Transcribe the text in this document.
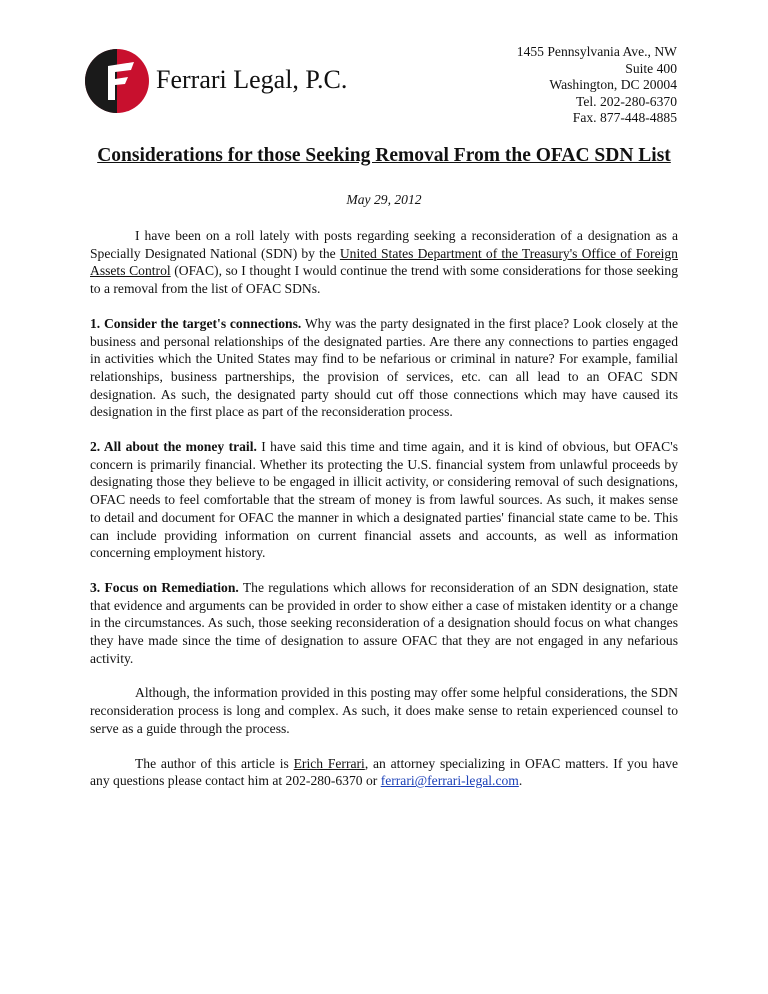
Ferrari Legal, P.C.
1455 Pennsylvania Ave., NW
Suite 400
Washington, DC 20004
Tel. 202-280-6370
Fax. 877-448-4885
Considerations for those Seeking Removal From the OFAC SDN List
May 29, 2012

I have been on a roll lately with posts regarding seeking a reconsideration of a designation as a Specially Designated National (SDN) by the United States Department of the Treasury's Office of Foreign Assets Control (OFAC), so I thought I would continue the trend with some considerations for those seeking to a removal from the list of OFAC SDNs.

1. Consider the target's connections. Why was the party designated in the first place? Look closely at the business and personal relationships of the designated parties. Are there any connections to parties engaged in activities which the United States may find to be nefarious or criminal in nature? For example, familial relationships, business partnerships, the provision of services, etc. can all lead to an OFAC SDN designation. As such, the designated party should cut off those connections which may have caused its designation in the first place as part of the reconsideration process.

2. All about the money trail. I have said this time and time again, and it is kind of obvious, but OFAC's concern is primarily financial. Whether its protecting the U.S. financial system from unlawful proceeds by designating those they believe to be engaged in illicit activity, or considering removal of such designations, OFAC needs to feel comfortable that the stream of money is from lawful sources. As such, it makes sense to detail and document for OFAC the manner in which a designated parties' financial state came to be. This can include providing information on current financial assets and accounts, as well as information concerning employment history.

3. Focus on Remediation. The regulations which allows for reconsideration of an SDN designation, state that evidence and arguments can be provided in order to show either a case of mistaken identity or a change in the circumstances. As such, those seeking reconsideration of a designation should focus on what changes they have made since the time of designation to assure OFAC that they are not engaged in any nefarious activity.

Although, the information provided in this posting may offer some helpful considerations, the SDN reconsideration process is long and complex. As such, it does make sense to retain experienced counsel to serve as a guide through the process.

The author of this article is Erich Ferrari, an attorney specializing in OFAC matters. If you have any questions please contact him at 202-280-6370 or ferrari@ferrari-legal.com.
